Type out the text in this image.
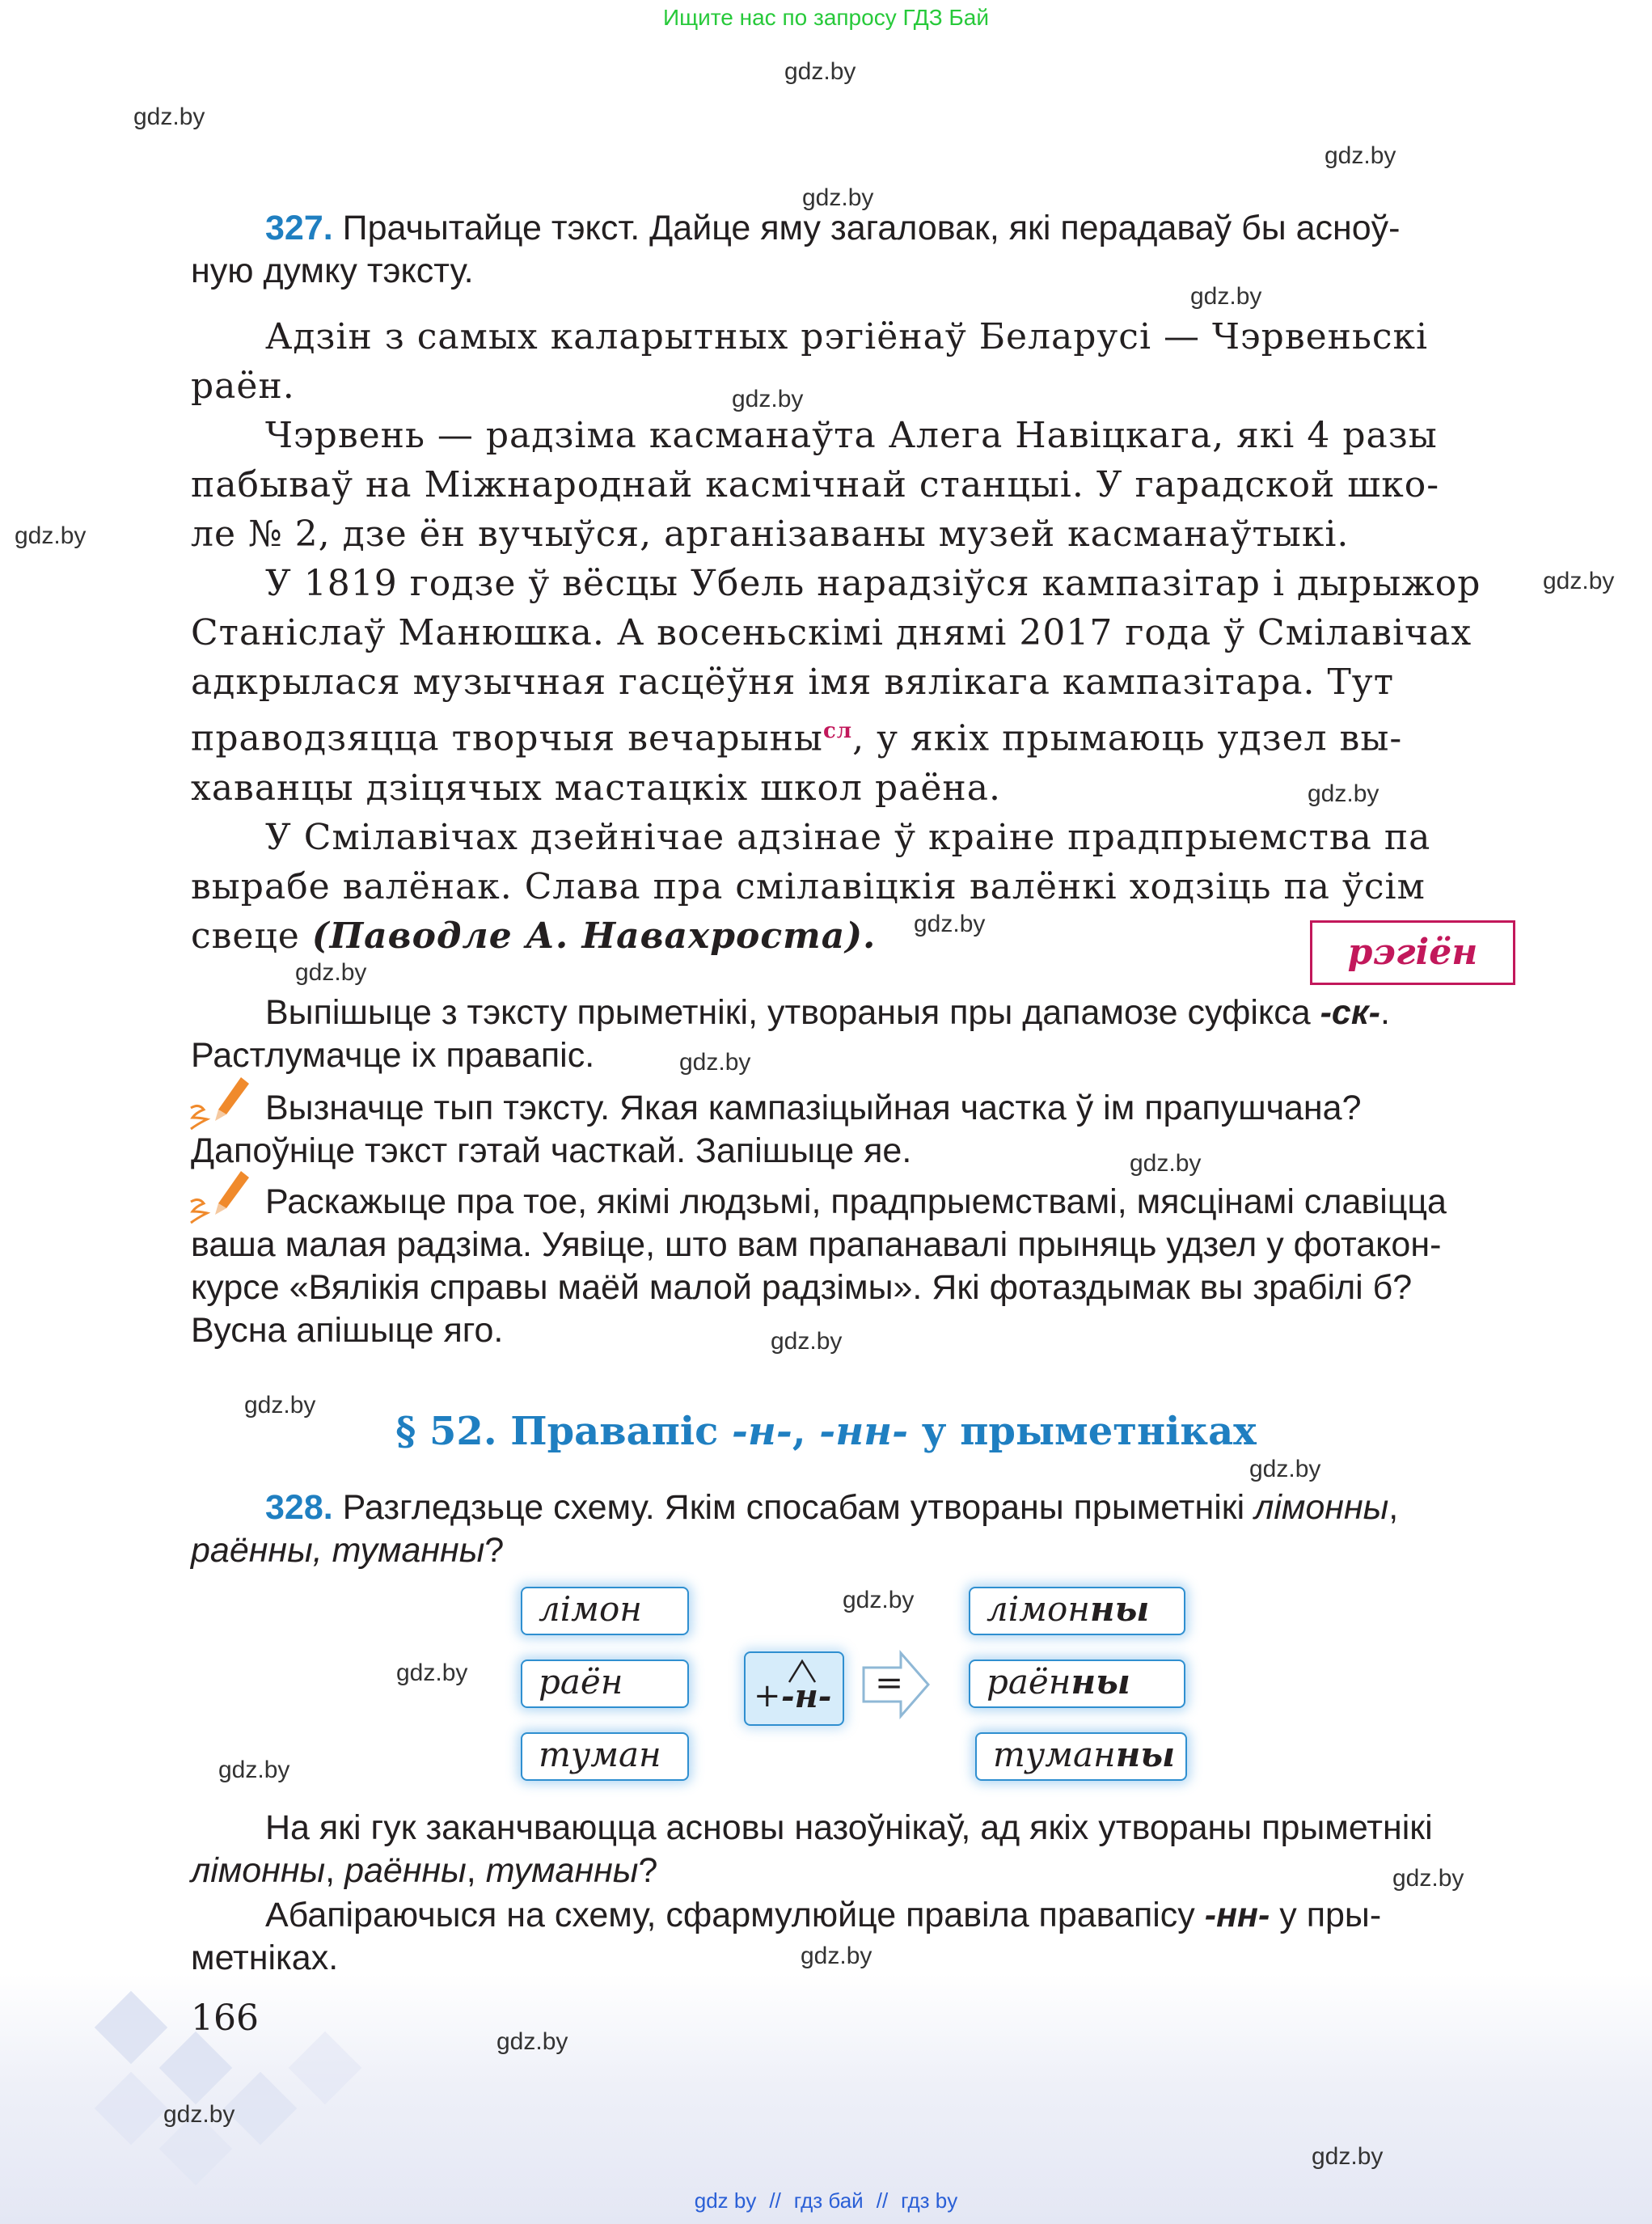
Ищите нас по запросу ГДЗ Бай
gdz.by
gdz.by
gdz.by
gdz.by
gdz.by
gdz.by
gdz.by
gdz.by
gdz.by
gdz.by
gdz.by
gdz.by
gdz.by
gdz.by
gdz.by
gdz.by
gdz.by
gdz.by
gdz.by
gdz.by
gdz.by
gdz.by
gdz.by
gdz.by
327. Прачытайце тэкст. Дайце яму загаловак, які перадаваў бы асноў-
ную думку тэксту.
Адзін з самых каларытных рэгіёнаў Беларусі — Чэрвеньскі
раён.
Чэрвень — радзіма касманаўта Алега Навіцкага, які 4 разы
пабываў на Міжнароднай касмічнай станцыі. У гарадской шко-
ле № 2, дзе ён вучыўся, арганізаваны музей касманаўтыкі.
У 1819 годзе ў вёсцы Убель нарадзіўся кампазітар і дырыжор
Станіслаў Манюшка. А восеньскімі днямі 2017 года ў Смілавічах
адкрылася музычная гасцёўня імя вялікага кампазітара. Тут
праводзяцца творчыя вечарыны$^{сл}$, у якіх прымаюць удзел вы-
хаванцы дзіцячых мастацкіх школ раёна.
У Смілавічах дзейнічае адзінае ў краіне прадпрыемства па
вырабе валёнак. Слава пра смілавіцкія валёнкі ходзіць па ўсім
свеце (Паводле А. Навахроста).	рэгіён
Выпішыце з тэксту прыметнікі, утвораныя пры дапамозе суфікса -ск-.
Растлумачце іх правапіс.
Вызначце тып тэксту. Якая кампазіцыйная частка ў ім прапушчана?
Дапоўніце тэкст гэтай часткай. Запішыце яе.
Раскажыце пра тое, якімі людзьмі, прадпрыемствамі, мясцінамі славіцца
ваша малая радзіма. Уявіце, што вам прапанавалі прыняць удзел у фотакон-
курсе «Вялікія справы маёй малой радзімы». Які фотаздымак вы зрабілі б?
Вусна апішыце яго.
§ 52. Правапіс -н-, -нн- у прыметніках
328. Разгледзьце схему. Якім спосабам утвораны прыметнікі лімонны,
раённы, туманны?
лімон
раён
туман
+ -н- =
лімонны
раённы
туманны
На які гук заканчваюцца асновы назоўнікаў, ад якіх утвораны прыметнікі
лімонны, раённы, туманны?
Абапіраючыся на схему, сфармулюйце правіла правапісу -нн- у пры-
метніках.
166
gdz by // гдз бай // гдз by
